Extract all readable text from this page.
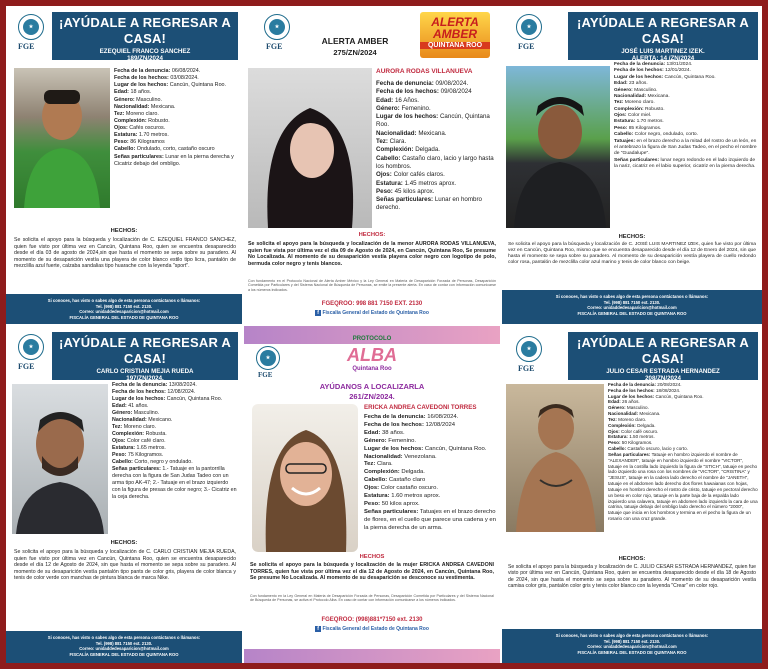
★
FGE
¡AYÚDALE A REGRESAR A CASA!
EZEQUIEL FRANCO SANCHEZ
189/ZN/2024
Fecha de la denuncia: 06/08/2024.
Fecha de los hechos: 03/08/2024.
Lugar de los hechos: Cancún, Quintana Roo.
Edad: 18 años.
Género: Masculino.
Nacionalidad: Mexicana.
Tez: Moreno claro.
Complexión: Robusto.
Ojos: Cafés oscuros.
Estatura: 1.70 metros.
Peso: 86 Kilogramos
Cabello: Ondulado, corto, castaño oscuro
Señas particulares: Lunar en la pierna derecha y Cicatriz debajo del ombligo.
HECHOS:
Se solicita el apoyo para la búsqueda y localización de C. EZEQUIEL FRANCO SANCHEZ, quien fue visto por última vez en Cancún, Quintana Roo, quien se encuentra desaparecido desde el día 03 de agosto de 2024,sin que hasta el momento se sepa sobre su paradero. Al momento de su desaparición vestía una playera de color blanco estilo tipo licra, pantalón de mezclilla azul fuerte, calzaba sandalias tipo huarache con la leyenda "sport".
Si conoces, has visto o sabes algo de esta persona contáctanos o llámanos:
Tel. (998) 881 7150 ext. 2130.
Correo: unidaddedesaparicion@hotmail.com
FISCALÍA GENERAL DEL ESTADO DE QUINTANA ROO
★
FGE
ALERTA AMBER
275/ZN/2024
ALERTA AMBER
QUINTANA ROO
AURORA RODAS VILLANUEVA
Fecha de denuncia: 09/08/2024.
Fecha de los hechos: 09/08/2024
Edad: 16 Años.
Género: Femenino.
Lugar de los hechos: Cancún, Quintana Roo.
Nacionalidad: Mexicana.
Tez: Clara.
Complexión: Delgada.
Cabello: Castaño claro, lacio y largo hasta los hombros.
Ojos: Color cafés claros.
Estatura: 1.45 metros aprox.
Peso: 45 kilos aprox.
Señas particulares: Lunar en hombro derecho.
HECHOS:
Se solicita el apoyo para la búsqueda y localización de la menor AURORA RODAS VILLANUEVA, quien fue vista por última vez el día 09 de Agosto de 2024, en Cancún, Quintana Roo, Se presume No Localizada. Al momento de su desaparición vestía playera color negro con logotipo de polo, bermuda color negro y tenis blancos.
Con fundamento en el Protocolo Nacional de Alerta Amber México y la Ley General en Materia de Desaparición Forzada de Personas, Desaparición Cometida por Particulares y del Sistema Nacional de Búsqueda de Personas, se emite la presente alerta. En caso de contar con información comunicarse a los números indicados.
FGEQROO: 998 881 7150 EXT. 2130
f Fiscalía General del Estado de Quintana Roo
★
FGE
¡AYÚDALE A REGRESAR A CASA!
JOSÉ LUIS MARTINEZ IZEK.
ALERTA: 14 /ZN/2024
Fecha de la denuncia: 13/01/2024.
Fecha de los hechos: 12/01/2024.
Lugar de los hechos: Cancún, Quintana Roo.
Edad: 23 años.
Género: Masculino.
Nacionalidad: Mexicana.
Tez: Moreno claro.
Complexión: Robusto.
Ojos: Color miel.
Estatura: 1.70 metros.
Peso: 85 Kilogramos.
Cabello: Color negro, ondulado, corto.
Tatuajes: en el brazo derecho a la mitad del rostro de un león, en el antebrazo la figura de San Judas Tadeo, en el pecho el nombre de "Guadalupe".
Señas particulares: lunar negro redondo en el lado izquierdo de la nariz, cicatriz en el labio superior, cicatriz en la pierna derecha.
HECHOS:
Se solicita el apoyo para la búsqueda y localización de C. JOSÉ LUIS MARTINEZ IZEK, quien fue visto por última vez en Cancún, Quintana Roo, mismo que se encuentra desaparecido desde el día 12 de Enero del 2024, sin que hasta el momento se sepa sobre su paradero. Al momento de su desaparición vestía playera de cuello redondo color rosa, pantalón de mezclilla color azul marino y tenis de color blanco con beige.
Si conoces, has visto o sabes algo de esta persona contáctanos o llámanos:
Tel. (998) 881 7150 ext. 2130.
Correo: unidaddedesaparicion@hotmail.com
FISCALÍA GENERAL DEL ESTADO DE QUINTANA ROO
★
FGE
¡AYÚDALE A REGRESAR A CASA!
CARLO CRISTIAN MEJIA RUEDA
197/ZN/2024.
Fecha de la denuncia: 13/08/2024.
Fecha de los hechos: 12/08/2024.
Lugar de los hechos: Cancún, Quintana Roo.
Edad: 41 años.
Género: Masculino.
Nacionalidad: Mexicano.
Tez: Moreno claro.
Complexión: Robusta.
Ojos: Color café claro.
Estatura: 1.65 metros.
Peso: 75 Kilogramos.
Cabello: Corto, negro y ondulado.
Señas particulares: 1.- Tatuaje en la pantorrilla derecha con la figura de San Judas Tadeo con un arma tipo AK-47; 2.- Tatuaje en el brazo izquierdo con la figura de presas de color negro; 3.- Cicatriz en la ceja derecha.
HECHOS:
Se solicita el apoyo para la búsqueda y localización de C. CARLO CRISTIAN MEJIA RUEDA, quien fue visto por última vez en Cancún, Quintana Roo, quien se encuentra desaparecido desde el día 12 de Agosto de 2024, sin que hasta el momento se sepa sobre su paradero. Al momento de su desaparición vestía pantalón tipo pants de color gris, playera de color blanca y tenis de color verde con manchas de pintura blanca de marca Nike.
Si conoces, has visto o sabes algo de esta persona contáctanos o llámanos:
Tel. (998) 881 7150 ext. 2130.
Correo: unidaddedesaparicion@hotmail.com
FISCALÍA GENERAL DEL ESTADO DE QUINTANA ROO
★
FGE
PROTOCOLO
ALBA
Quintana Roo
AYÚDANOS A LOCALIZARLA
261/ZN/2024.
ERICKA ANDREA CAVEDONI TORRES
Fecha de la denuncia: 16/08/2024.
Fecha de los hechos: 12/08/2024
Edad: 38 años.
Género: Femenino.
Lugar de los hechos: Cancún, Quintana Roo.
Nacionalidad: Venezolana.
Tez: Clara.
Complexión: Delgada.
Cabello: Castaño claro
Ojos: Color castaño oscuro.
Estatura: 1.60 metros aprox.
Peso: 50 kilos aprox.
Señas particulares: Tatuajes en el brazo derecho de flores, en el cuello que parece una cadena y en la pierna derecha de un arma.
HECHOS
Se solicita el apoyo para la búsqueda y localización de la mujer ERICKA ANDREA CAVEDONI TORRES, quien fue vista por última vez el día 12 de Agosto de 2024, en Cancún, Quintana Roo, Se presume No Localizada. Al momento de su desaparición se desconoce su vestimenta.
Con fundamento en la Ley General en Materia de Desaparición Forzada de Personas, Desaparición Cometida por Particulares y del Sistema Nacional de Búsqueda de Personas, se activa el Protocolo Alba. En caso de contar con información comunicarse a los números indicados.
FGEQROO: (998)881*7150 ext. 2130
f Fiscalía General del Estado de Quintana Roo
★
FGE
¡AYÚDALE A REGRESAR A CASA!
JULIO CESAR ESTRADA HERNANDEZ
208/ZN/2024
Fecha de la denuncia: 20/08/2024.
Fecha de los hechos: 18/08/2024.
Lugar de los hechos: Cancún, Quintana Roo.
Edad: 26 años.
Género: Masculino.
Nacionalidad: Mexicana.
Tez: Moreno claro.
Complexión: Delgada.
Ojos: Color café oscuro.
Estatura: 1.50 metros.
Peso: 50 Kilogramos.
Cabello: Castaño oscuro, lacio y corto.
Señas particulares: Tatuaje en hombro izquierdo el nombre de "ALEXANDER", tatuaje en hombro izquierdo el nombre "VICTOR", tatuaje en la costilla lado izquierdo la figura de "STICH", tatuaje en pecho lado izquierdo una rosa con los nombres de "VICTOR", "CRISTINA" y "JESUS", tatuaje en la cadera lado derecho el nombre de "JANETH", tatuaje en el abdomen lado derecho dos flores hawaianas con hojas, tatuaje en hombro derecho el rostro de cristo, tatuaje en pectoral derecho un beso en color rojo, tatuaje en la parte baja de la espalda lado izquierdo una calavera, tatuaje en abdomen lado izquierdo la cara de una catrina, tatuaje debajo del ombligo lado derecho el número "2000", tatuaje que inicia en los hombros y termina en el pecho la figura de un rosario con una cruz grande.
HECHOS:
Se solicita el apoyo para la búsqueda y localización de C. JULIO CESAR ESTRADA HERNANDEZ, quien fue visto por última vez en Cancún, Quintana Roo, quien se encuentra desaparecido desde el día 18 de Agosto de 2024, sin que hasta el momento se sepa sobre su paradero. Al momento de su desaparición vestía camisa color gris, pantalón color gris y tenis color blanco con la leyenda "Crear" en color rojo.
Si conoces, has visto o sabes algo de esta persona contáctanos o llámanos:
Tel. (998) 881 7150 ext. 2130.
Correo: unidaddedesaparicion@hotmail.com
FISCALÍA GENERAL DEL ESTADO DE QUINTANA ROO
